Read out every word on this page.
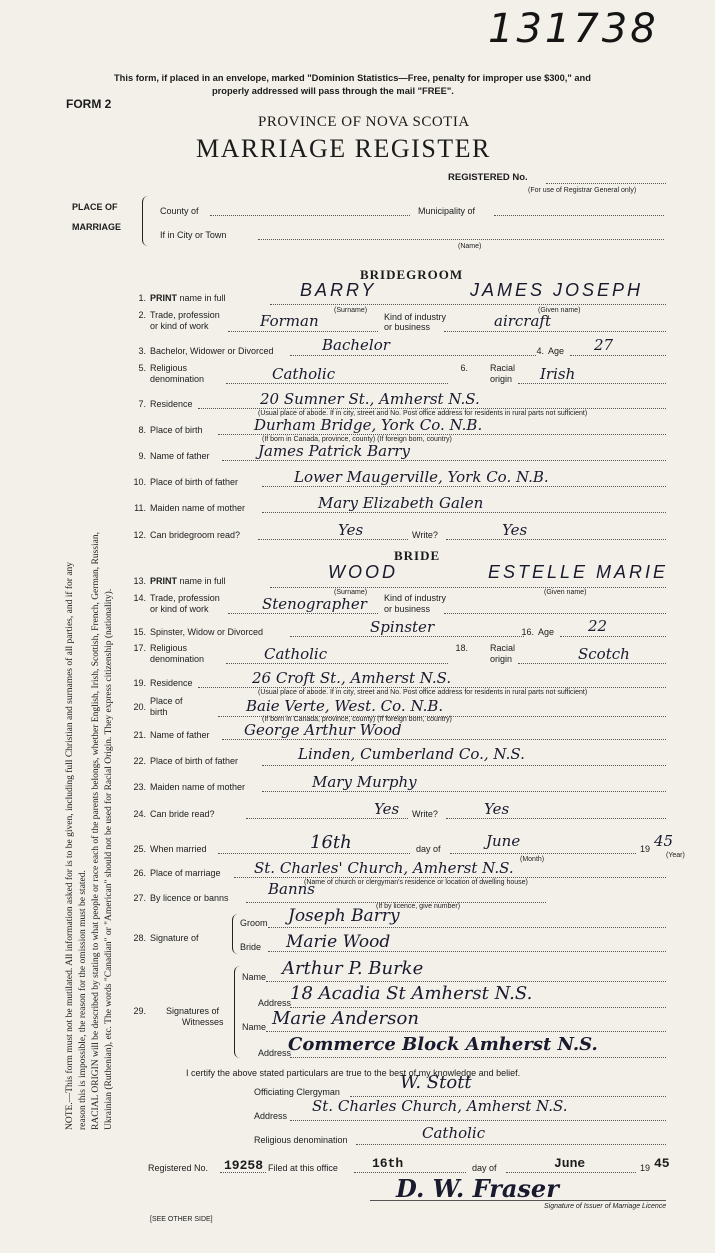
131738
This form, if placed in an envelope, marked "Dominion Statistics—Free, penalty for improper use $300," and
properly addressed will pass through the mail "FREE".
FORM 2
PROVINCE OF NOVA SCOTIA
MARRIAGE REGISTER
REGISTERED No.
(For use of Registrar General only)
PLACE OF
MARRIAGE
County of	Municipality of
If in City or Town
(Name)
BRIDEGROOM
1. PRINT name in full	BARRY	JAMES JOSEPH
(Surname)	(Given name)
2. Trade, profession
or kind of work	Forman	Kind of industry
or business	aircraft
3. Bachelor, Widower or Divorced	Bachelor	4. Age 27
5. Religious
denomination	Catholic	6. Racial
origin Irish
7. Residence	20 Sumner St., Amherst N.S.
(Usual place of abode. If in city, street and No. Post office address for residents in rural parts not sufficient)
8. Place of birth	Durham Bridge, York Co. N.B.
(If born in Canada, province, county) (If foreign born, country)
9. Name of father	James Patrick Barry
10. Place of birth of father	Lower Maugerville, York Co. N.B.
11. Maiden name of mother	Mary Elizabeth Galen
12. Can bridegroom read?	Yes	Write?	Yes
BRIDE
13. PRINT name in full	WOOD	ESTELLE MARIE
(Surname)	(Given name)
14. Trade, profession
or kind of work	Stenographer Kind of industry
or business
15. Spinster, Widow or Divorced	Spinster	16. Age 22
17. Religious
denomination	Catholic	18. Racial
origin	Scotch
19. Residence	26 Croft St., Amherst N.S.
(Usual place of abode. If in city, street and No. Post office address for residents in rural parts not sufficient)
20.
Place of
birth	Baie Verte, West. Co. N.B.
(If born in Canada, province, county) (If foreign born, country)
21. Name of father George Arthur Wood
22. Place of birth of father	Linden, Cumberland Co., N.S.
23. Maiden name of mother	Mary Murphy
24. Can bride read?	Yes Write?	Yes
25. When married	16th	day of	June	19 45
(Month)
(Year)
26. Place of marriage St. Charles' Church, Amherst N.S.
(Name of church or clergyman's residence or location of dwelling house)
27. By licence or banns	Banns
(If by licence, give number)
28. Signature of
Groom Joseph Barry
Bride Marie Wood
29. Signatures of
Witnesses
Name Arthur P. Burke
Address
18 Acadia St Amherst N.S.
Name Marie Anderson
Address
Commerce Block Amherst N.S.
I certify the above stated particulars are true to the best of my knowledge and belief.
Officiating Clergyman	W. Stott
Address
St. Charles Church, Amherst N.S.
Religious denomination	Catholic
Registered No. 19258 Filed at this office	16th	day of	June	19 45
D. W. Fraser
Signature of Issuer of Marriage Licence
[SEE OTHER SIDE]
NOTE.—This form must not be mutilated. All information asked for is to be given, including full Christian and surnames of all parties, and if for any reason this is impossible, the reason for the omission must be stated. RACIAL ORIGIN will be described by stating to what people or race each of the parents belongs, whether English, Irish, Scottish, French, German, Russian, Ukrainian (Ruthenian), etc. The words "Canadian" or "American" should not be used for Racial Origin. They express citizenship (nationality).
